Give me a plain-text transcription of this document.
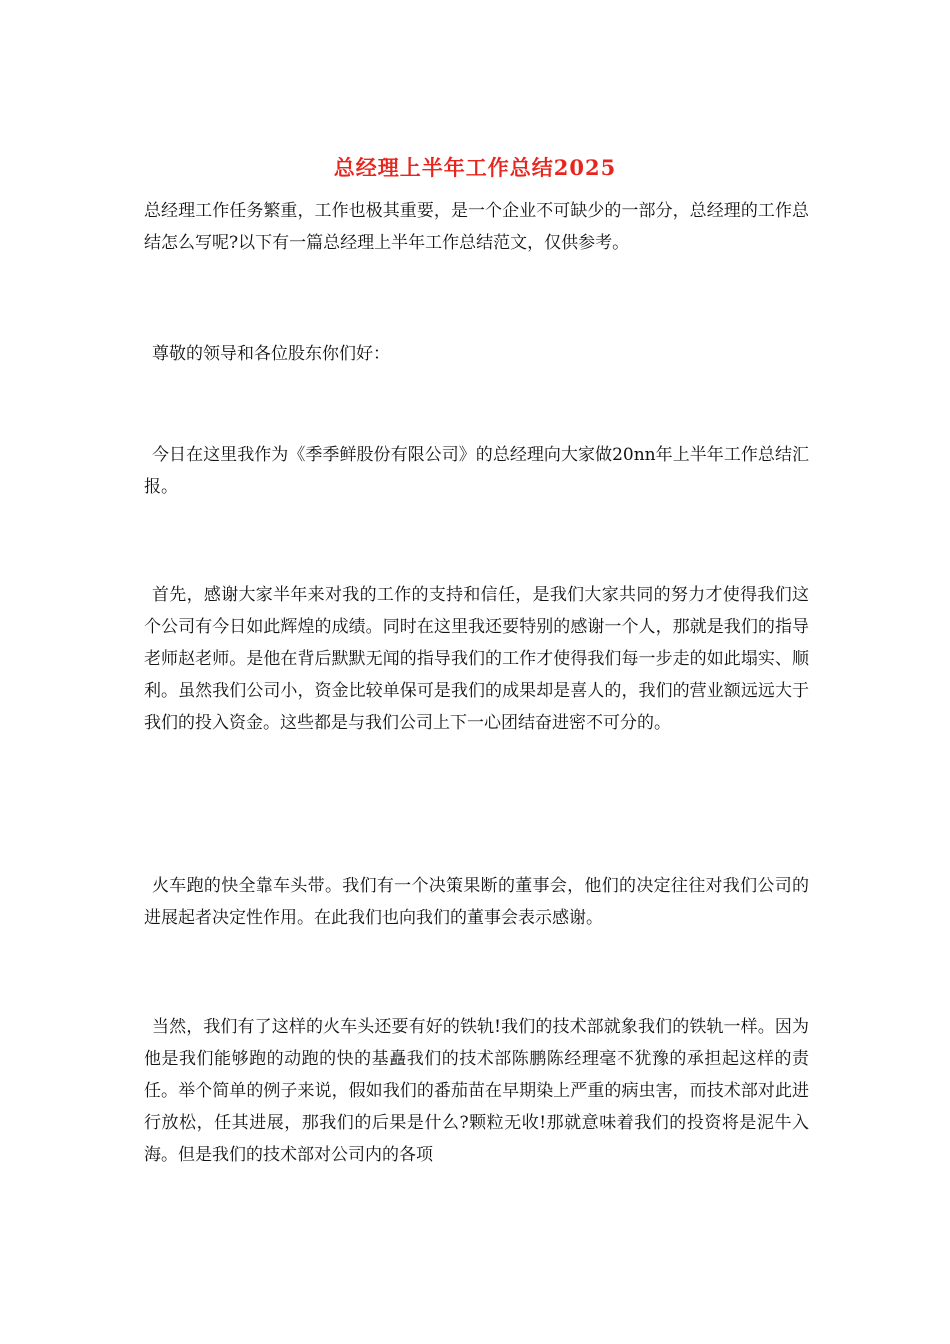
总经理上半年工作总结2025

总经理工作任务繁重，工作也极其重要，是一个企业不可缺少的一部分，总经理的工作总结怎么写呢?以下有一篇总经理上半年工作总结范文，仅供参考。

尊敬的领导和各位股东你们好：

今日在这里我作为《季季鲜股份有限公司》的总经理向大家做20nn年上半年工作总结汇报。

首先，感谢大家半年来对我的工作的支持和信任，是我们大家共同的努力才使得我们这个公司有今日如此辉煌的成绩。同时在这里我还要特别的感谢一个人，那就是我们的指导老师赵老师。是他在背后默默无闻的指导我们的工作才使得我们每一步走的如此塌实、顺利。虽然我们公司小，资金比较单保可是我们的成果却是喜人的，我们的营业额远远大于我们的投入资金。这些都是与我们公司上下一心团结奋进密不可分的。

火车跑的快全靠车头带。我们有一个决策果断的董事会，他们的决定往往对我们公司的进展起者决定性作用。在此我们也向我们的董事会表示感谢。

当然，我们有了这样的火车头还要有好的铁轨!我们的技术部就象我们的铁轨一样。因为他是我们能够跑的动跑的快的基矗我们的技术部陈鹏陈经理毫不犹豫的承担起这样的责任。举个简单的例子来说，假如我们的番茄苗在早期染上严重的病虫害，而技术部对此进行放松，任其进展，那我们的后果是什么?颗粒无收!那就意味着我们的投资将是泥牛入海。但是我们的技术部对公司内的各项
